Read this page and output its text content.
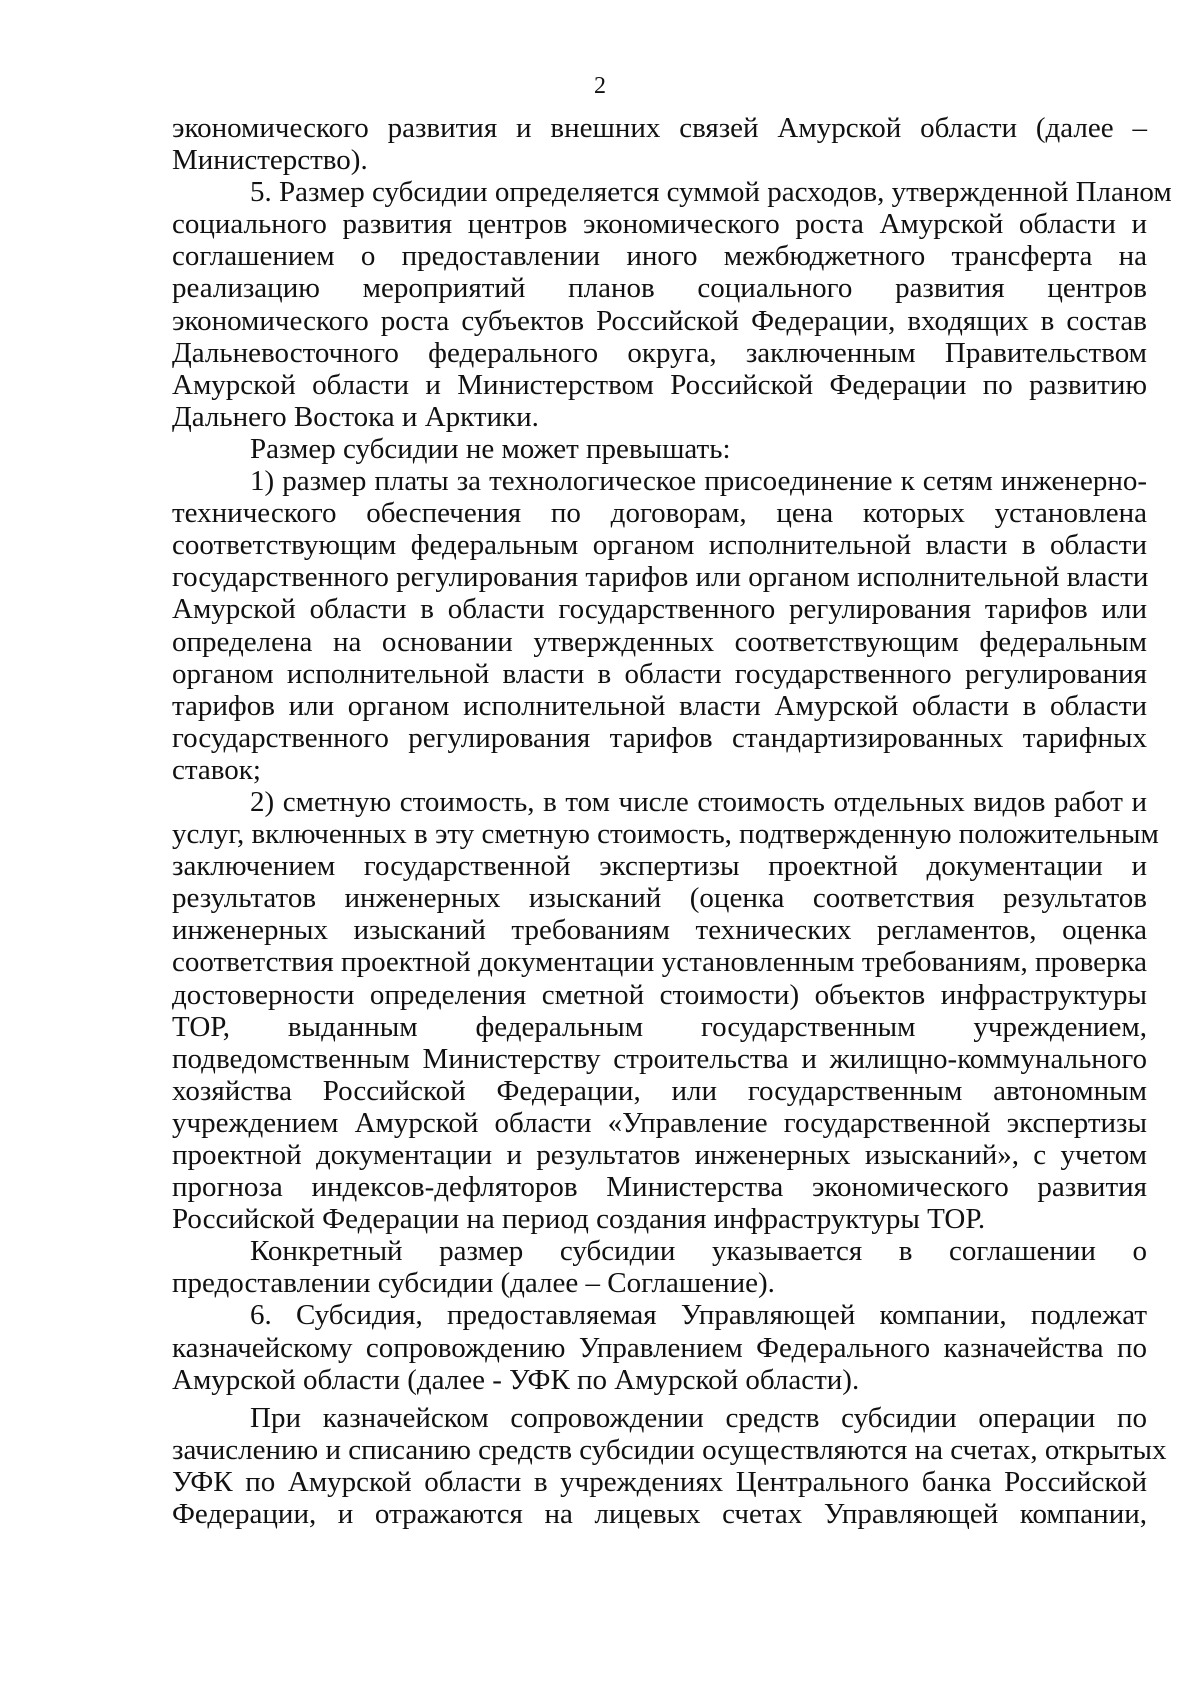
2
экономического развития и внешних связей Амурской области (далее –
Министерство).
5. Размер субсидии определяется суммой расходов, утвержденной Планом
социального развития центров экономического роста Амурской области и
соглашением о предоставлении иного межбюджетного трансферта на
реализацию мероприятий планов социального развития центров
экономического роста субъектов Российской Федерации, входящих в состав
Дальневосточного федерального округа, заключенным Правительством
Амурской области и Министерством Российской Федерации по развитию
Дальнего Востока и Арктики.
Размер субсидии не может превышать:
1) размер платы за технологическое присоединение к сетям инженерно-
технического обеспечения по договорам, цена которых установлена
соответствующим федеральным органом исполнительной власти в области
государственного регулирования тарифов или органом исполнительной власти
Амурской области в области государственного регулирования тарифов или
определена на основании утвержденных соответствующим федеральным
органом исполнительной власти в области государственного регулирования
тарифов или органом исполнительной власти Амурской области в области
государственного регулирования тарифов стандартизированных тарифных
ставок;
2) сметную стоимость, в том числе стоимость отдельных видов работ и
услуг, включенных в эту сметную стоимость, подтвержденную положительным
заключением государственной экспертизы проектной документации и
результатов инженерных изысканий (оценка соответствия результатов
инженерных изысканий требованиям технических регламентов, оценка
соответствия проектной документации установленным требованиям, проверка
достоверности определения сметной стоимости) объектов инфраструктуры
ТОР, выданным федеральным государственным учреждением,
подведомственным Министерству строительства и жилищно-коммунального
хозяйства Российской Федерации, или государственным автономным
учреждением Амурской области «Управление государственной экспертизы
проектной документации и результатов инженерных изысканий», с учетом
прогноза индексов-дефляторов Министерства экономического развития
Российской Федерации на период создания инфраструктуры ТОР.
Конкретный размер субсидии указывается в соглашении о
предоставлении субсидии (далее – Соглашение).
6. Субсидия, предоставляемая Управляющей компании, подлежат
казначейскому сопровождению Управлением Федерального казначейства по
Амурской области (далее - УФК по Амурской области).
При казначейском сопровождении средств субсидии операции по
зачислению и списанию средств субсидии осуществляются на счетах, открытых
УФК по Амурской области в учреждениях Центрального банка Российской
Федерации, и отражаются на лицевых счетах Управляющей компании,
